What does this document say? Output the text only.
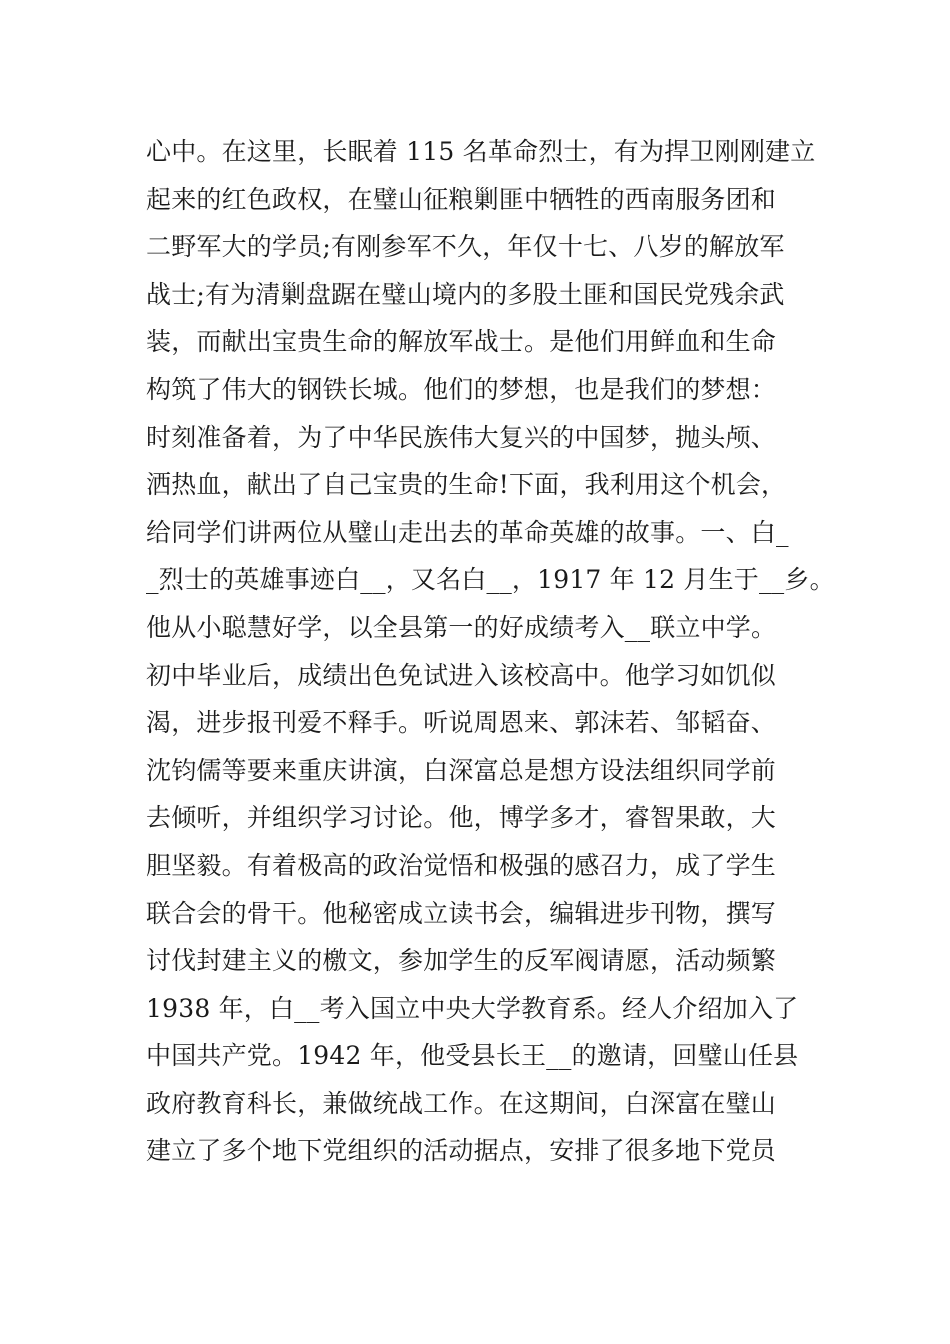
心中。在这里，长眠着 115 名革命烈士，有为捍卫刚刚建立
起来的红色政权，在璧山征粮剿匪中牺牲的西南服务团和
二野军大的学员;有刚参军不久，年仅十七、八岁的解放军
战士;有为清剿盘踞在璧山境内的多股土匪和国民党残余武
装，而献出宝贵生命的解放军战士。是他们用鲜血和生命
构筑了伟大的钢铁长城。他们的梦想，也是我们的梦想：
时刻准备着，为了中华民族伟大复兴的中国梦，抛头颅、
洒热血，献出了自己宝贵的生命!下面，我利用这个机会，
给同学们讲两位从璧山走出去的革命英雄的故事。一、白_
_烈士的英雄事迹白__，又名白__，1917 年 12 月生于__乡。
他从小聪慧好学，以全县第一的好成绩考入__联立中学。
初中毕业后，成绩出色免试进入该校高中。他学习如饥似
渴，进步报刊爱不释手。听说周恩来、郭沫若、邹韬奋、
沈钧儒等要来重庆讲演，白深富总是想方设法组织同学前
去倾听，并组织学习讨论。他，博学多才，睿智果敢，大
胆坚毅。有着极高的政治觉悟和极强的感召力，成了学生
联合会的骨干。他秘密成立读书会，编辑进步刊物，撰写
讨伐封建主义的檄文，参加学生的反军阀请愿，活动频繁
1938 年，白__考入国立中央大学教育系。经人介绍加入了
中国共产党。1942 年，他受县长王__的邀请，回璧山任县
政府教育科长，兼做统战工作。在这期间，白深富在璧山
建立了多个地下党组织的活动据点，安排了很多地下党员
